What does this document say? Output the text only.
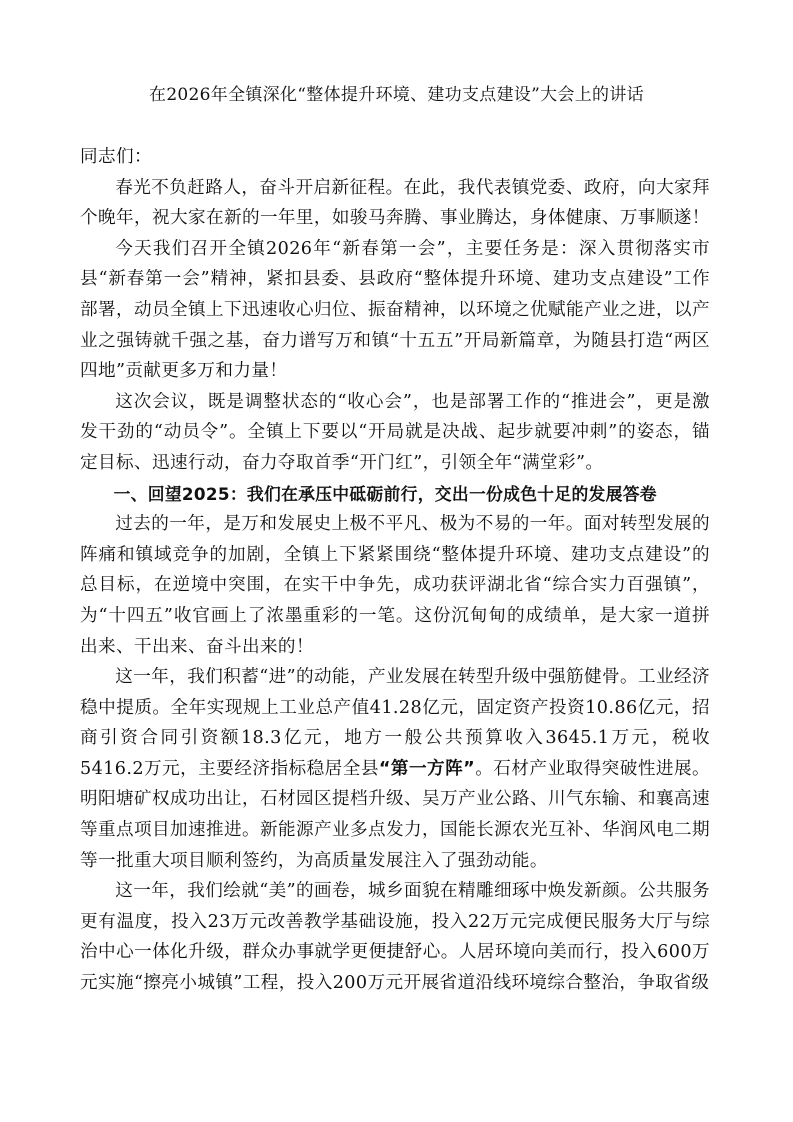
在2026年全镇深化“整体提升环境、建功支点建设”大会上的讲话

同志们：

春光不负赶路人，奋斗开启新征程。在此，我代表镇党委、政府，向大家拜个晚年，祝大家在新的一年里，如骏马奔腾、事业腾达，身体健康、万事顺遂！

今天我们召开全镇2026年“新春第一会”，主要任务是：深入贯彻落实市县“新春第一会”精神，紧扣县委、县政府“整体提升环境、建功支点建设”工作部署，动员全镇上下迅速收心归位、振奋精神，以环境之优赋能产业之进，以产业之强铸就千强之基，奋力谱写万和镇“十五五”开局新篇章，为随县打造“两区四地”贡献更多万和力量！

这次会议，既是调整状态的“收心会”，也是部署工作的“推进会”，更是激发干劲的“动员令”。全镇上下要以“开局就是决战、起步就要冲刺”的姿态，锚定目标、迅速行动，奋力夺取首季“开门红”，引领全年“满堂彩”。

一、回望2025：我们在承压中砥砺前行，交出一份成色十足的发展答卷

过去的一年，是万和发展史上极不平凡、极为不易的一年。面对转型发展的阵痛和镇域竞争的加剧，全镇上下紧紧围绕“整体提升环境、建功支点建设”的总目标，在逆境中突围，在实干中争先，成功获评湖北省“综合实力百强镇”，为“十四五”收官画上了浓墨重彩的一笔。这份沉甸甸的成绩单，是大家一道拼出来、干出来、奋斗出来的！

这一年，我们积蓄“进”的动能，产业发展在转型升级中强筋健骨。工业经济稳中提质。全年实现规上工业总产值41.28亿元，固定资产投资10.86亿元，招商引资合同引资额18.3亿元，地方一般公共预算收入3645.1万元，税收5416.2万元，主要经济指标稳居全县“第一方阵”。石材产业取得突破性进展。明阳塘矿权成功出让，石材园区提档升级、吴万产业公路、川气东输、和襄高速等重点项目加速推进。新能源产业多点发力，国能长源农光互补、华润风电二期等一批重大项目顺利签约，为高质量发展注入了强劲动能。

这一年，我们绘就“美”的画卷，城乡面貌在精雕细琢中焕发新颜。公共服务更有温度，投入23万元改善教学基础设施，投入22万元完成便民服务大厅与综治中心一体化升级，群众办事就学更便捷舒心。人居环境向美而行，投入600万元实施“擦亮小城镇”工程，投入200万元开展省道沿线环境综合整治，争取省级
